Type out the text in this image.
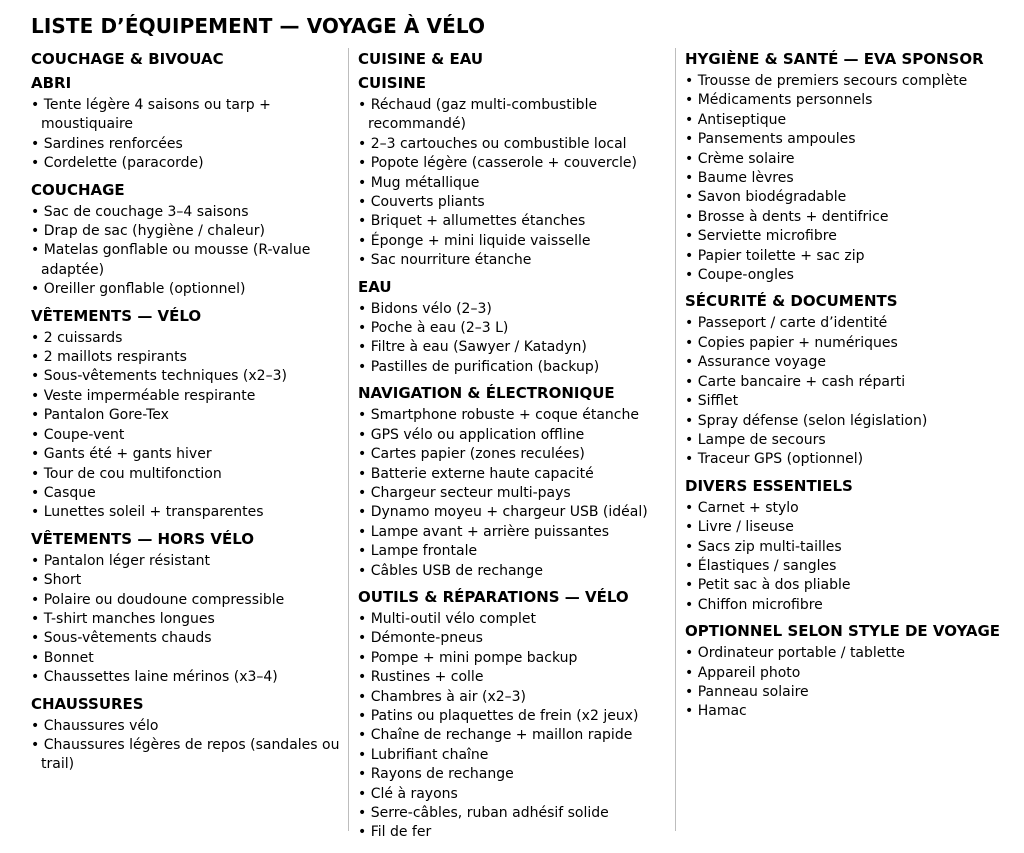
LISTE D’ÉQUIPEMENT — VOYAGE À VÉLO
COUCHAGE & BIVOUAC
ABRI
• Tente légère 4 saisons ou tarp + moustiquaire
• Sardines renforcées
• Cordelette (paracorde)
COUCHAGE
• Sac de couchage 3–4 saisons
• Drap de sac (hygiène / chaleur)
• Matelas gonflable ou mousse (R-value adaptée)
• Oreiller gonflable (optionnel)
VÊTEMENTS — VÉLO
• 2 cuissards
• 2 maillots respirants
• Sous-vêtements techniques (x2–3)
• Veste imperméable respirante
• Pantalon Gore-Tex
• Coupe-vent
• Gants été + gants hiver
• Tour de cou multifonction
• Casque
• Lunettes soleil + transparentes
VÊTEMENTS — HORS VÉLO
• Pantalon léger résistant
• Short
• Polaire ou doudoune compressible
• T-shirt manches longues
• Sous-vêtements chauds
• Bonnet
• Chaussettes laine mérinos (x3–4)
CHAUSSURES
• Chaussures vélo
• Chaussures légères de repos (sandales ou trail)
CUISINE & EAU
CUISINE
• Réchaud (gaz multi-combustible recommandé)
• 2–3 cartouches ou combustible local
• Popote légère (casserole + couvercle)
• Mug métallique
• Couverts pliants
• Briquet + allumettes étanches
• Éponge + mini liquide vaisselle
• Sac nourriture étanche
EAU
• Bidons vélo (2–3)
• Poche à eau (2–3 L)
• Filtre à eau (Sawyer / Katadyn)
• Pastilles de purification (backup)
NAVIGATION & ÉLECTRONIQUE
• Smartphone robuste + coque étanche
• GPS vélo ou application offline
• Cartes papier (zones reculées)
• Batterie externe haute capacité
• Chargeur secteur multi-pays
• Dynamo moyeu + chargeur USB (idéal)
• Lampe avant + arrière puissantes
• Lampe frontale
• Câbles USB de rechange
OUTILS & RÉPARATIONS — VÉLO
• Multi-outil vélo complet
• Démonte-pneus
• Pompe + mini pompe backup
• Rustines + colle
• Chambres à air (x2–3)
• Patins ou plaquettes de frein (x2 jeux)
• Chaîne de rechange + maillon rapide
• Lubrifiant chaîne
• Rayons de rechange
• Clé à rayons
• Serre-câbles, ruban adhésif solide
• Fil de fer
HYGIÈNE & SANTÉ — EVA SPONSOR
• Trousse de premiers secours complète
• Médicaments personnels
• Antiseptique
• Pansements ampoules
• Crème solaire
• Baume lèvres
• Savon biodégradable
• Brosse à dents + dentifrice
• Serviette microfibre
• Papier toilette + sac zip
• Coupe-ongles
SÉCURITÉ & DOCUMENTS
• Passeport / carte d’identité
• Copies papier + numériques
• Assurance voyage
• Carte bancaire + cash réparti
• Sifflet
• Spray défense (selon législation)
• Lampe de secours
• Traceur GPS (optionnel)
DIVERS ESSENTIELS
• Carnet + stylo
• Livre / liseuse
• Sacs zip multi-tailles
• Élastiques / sangles
• Petit sac à dos pliable
• Chiffon microfibre
OPTIONNEL SELON STYLE DE VOYAGE
• Ordinateur portable / tablette
• Appareil photo
• Panneau solaire
• Hamac
